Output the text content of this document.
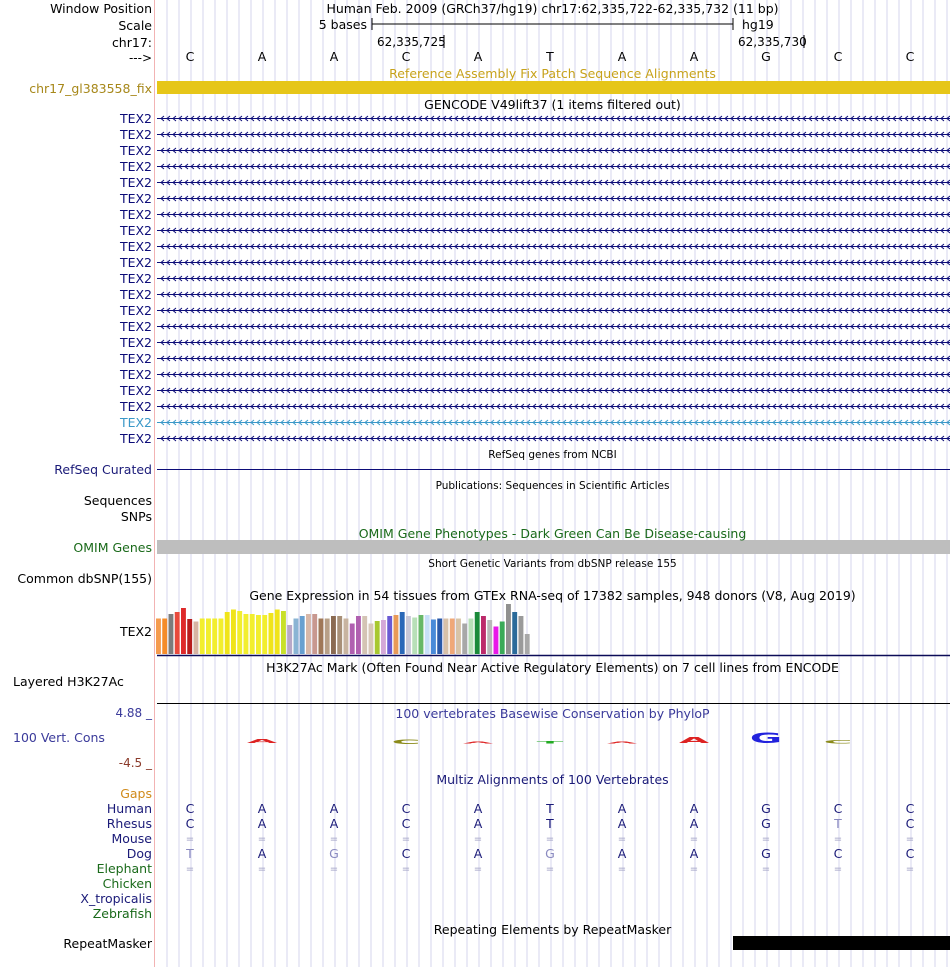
A	C	A	T	A	A	G	C
Window Position	Human Feb. 2009 (GRCh37/hg19) chr17:62,335,722-62,335,732 (11 bp)
Scale	5 bases	hg19
chr17:	62,335,725	62,335,730
--->	C	A	A	C	A	T	A	A	G	C	C
Reference Assembly Fix Patch Sequence Alignments
chr17_gl383558_fix
GENCODE V49lift37 (1 items filtered out)
TEX2
TEX2
TEX2
TEX2
TEX2
TEX2
TEX2
TEX2
TEX2
TEX2
TEX2
TEX2
TEX2
TEX2
TEX2
TEX2
TEX2
TEX2
TEX2
TEX2
TEX2
RefSeq genes from NCBI
RefSeq Curated
Publications: Sequences in Scientific Articles
Sequences
SNPs
OMIM Gene Phenotypes - Dark Green Can Be Disease-causing
OMIM Genes
Short Genetic Variants from dbSNP release 155
Common dbSNP(155)
Gene Expression in 54 tissues from GTEx RNA-seq of 17382 samples, 948 donors (V8, Aug 2019)
TEX2
H3K27Ac Mark (Often Found Near Active Regulatory Elements) on 7 cell lines from ENCODE
Layered H3K27Ac
100 vertebrates Basewise Conservation by PhyloP
4.88 _
100 Vert. Cons
-4.5 _
Multiz Alignments of 100 Vertebrates
Gaps
Human	C	A	A	C	A	T	A	A	G	C	C
Rhesus	C	A	A	C	A	T	A	A	G	T	C
Mouse	=	=	=	=	=	=	=	=	=	=	=
Dog	T	A	G	C	A	G	A	A	G	C	C
Elephant	=	=	=	=	=	=	=	=	=	=	=
Chicken
X_tropicalis
Zebrafish
Repeating Elements by RepeatMasker
RepeatMasker
